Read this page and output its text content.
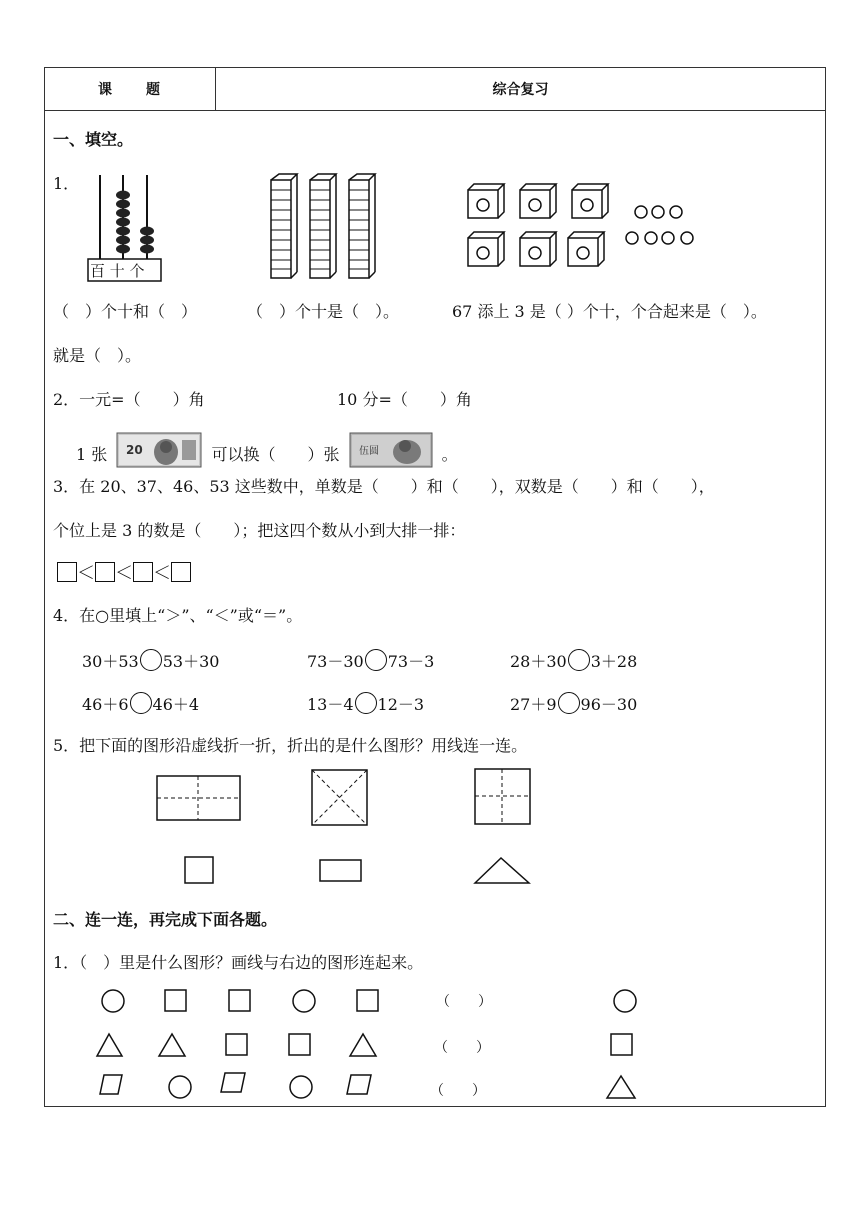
课　　题	综合复习
一、填空。
1．
百 十 个
（　）个十和（　）	（　）个十是（　）。	67 添上 3 是（ ）个十，个合起来是（　）。
就是（　）。
2．一元=（　　）角	10 分=（　　）角
1 张 20	可以换（　　）张 伍圆	。
3．在 20、37、46、53 这些数中，单数是（　　）和（　　），双数是（　　）和（　　），
个位上是 3 的数是（　　）；把这四个数从小到大排一排：
＜ ＜ ＜
4．在○里填上“＞”、“＜”或“＝”。
30＋53 53＋30	73－30 73－3	28＋30 3＋28
46＋6 46＋4	13－4 12－3	27＋9 96－30
5．把下面的图形沿虚线折一折，折出的是什么图形？用线连一连。
二、连一连，再完成下面各题。
1．（　）里是什么图形？画线与右边的图形连起来。
（　　）
（　　）
（　　）
